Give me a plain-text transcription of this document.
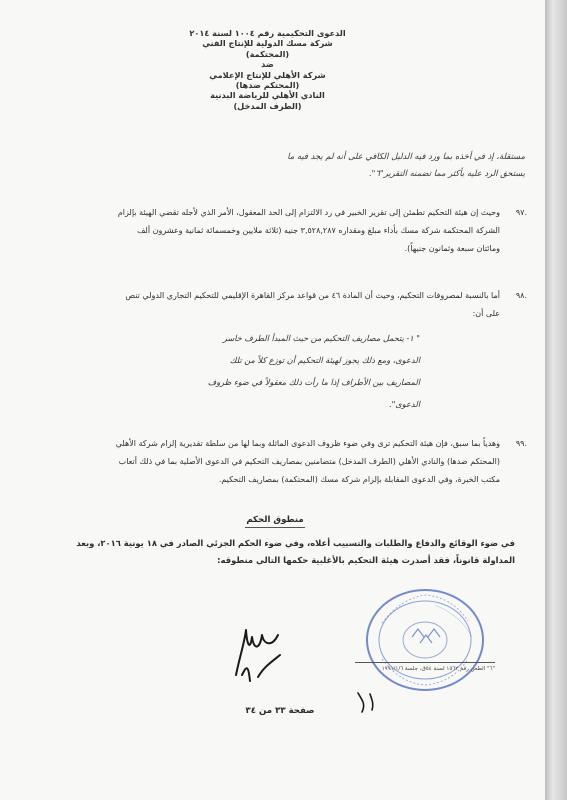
الدعوى التحكيمية رقم ١٠٠٤ لسنة ٢٠١٤
شركة مسك الدولية للإنتاج الفني
(المحتكمة)
ضد
شركة الأهلي للإنتاج الإعلامي
(المحتكم ضدها)
النادي الأهلي للرياضة البدنية
(الطرف المدخل)
مستقلة، إذ في أخذه بما ورد فيه الدليل الكافي على أنه لم يجد فيه ما
يستحق الرد عليه بأكثر مما تضمنه التقرير"٦".
.٩٧
وحيث إن هيئة التحكيم تطمئن إلى تقرير الخبير في رد الالتزام إلى الحد المعقول، الأمر الذي لأجله تقضي الهيئة بإلزام
الشركة المحتكمة شركة مسك بأداء مبلغ ومقداره ٣,٥٢٨,٢٨٧ جنيه (ثلاثة ملايين وخمسمائة ثمانية وعشرون ألف
ومائتان سبعة وثمانون جنيهاً).
.٩٨
أما بالنسبة لمصروفات التحكيم، وحيث أن المادة ٤٦ من قواعد مركز القاهرة الإقليمي للتحكيم التجاري الدولي تنص
على أن:
" ١- يتحمل مصاريف التحكيم من حيث المبدأ الطرف خاسر
الدعوى، ومع ذلك يجوز لهيئة التحكيم أن توزع كلاً من تلك
المصاريف بين الأطراف إذا ما رأت ذلك معقولاً في ضوء ظروف
الدعوى".
.٩٩
وهدياً بما سبق، فإن هيئة التحكيم ترى وفي ضوء ظروف الدعوى الماثلة وبما لها من سلطة تقديرية إلزام شركة الأهلي
(المحتكم ضدها) والنادي الأهلي (الطرف المدخل) متضامنين بمصاريف التحكيم في الدعوى الأصلية بما في ذلك أتعاب
مكتب الخبرة، وفي الدعوى المقابلة بإلزام شركة مسك (المحتكمة) بمصاريف التحكيم.
منطوق الحكم
في ضوء الوقائع والدفاع والطلبات والتسبيب أعلاه، وفي ضوء الحكم الجزئي الصادر في ١٨ يونية ٢٠١٦، وبعد
المداولة قانوناً، فقد أصدرت هيئة التحكيم بالأغلبية حكمها التالي منطوقه:
"٦" الطعن رقم ١٥٦٢ لسنة ٥٤ق، جلسة ١٩٩١/١/٦
صفحة ٣٣ من ٣٤
